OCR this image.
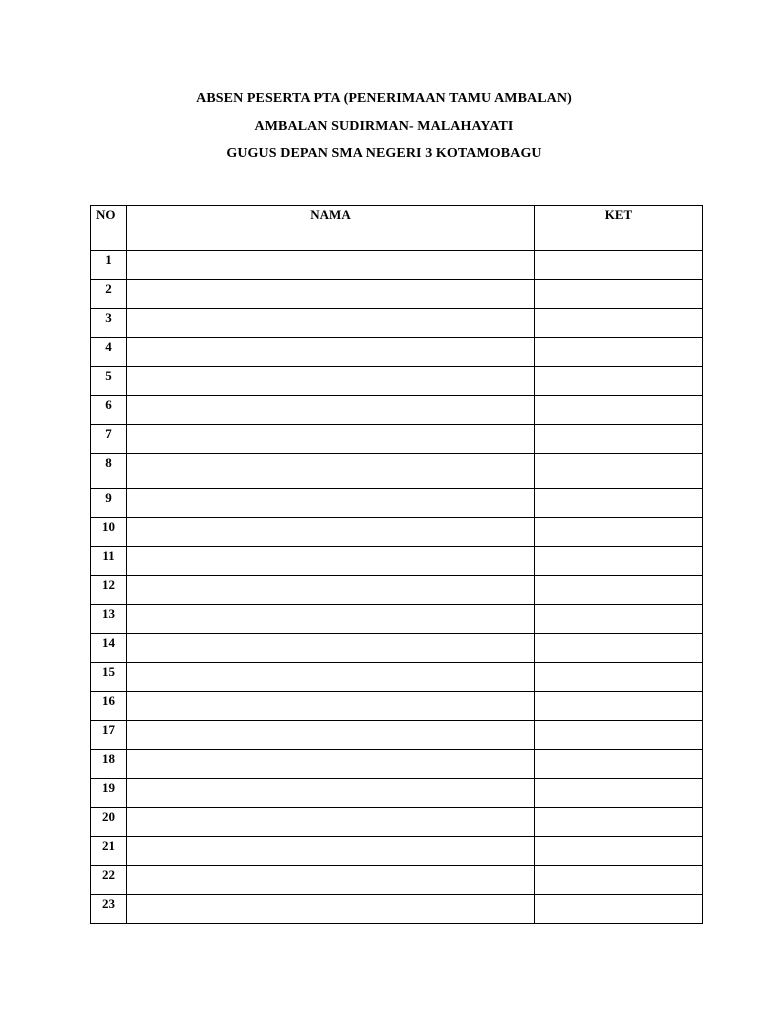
ABSEN PESERTA PTA (PENERIMAAN TAMU AMBALAN)
AMBALAN SUDIRMAN- MALAHAYATI
GUGUS DEPAN SMA NEGERI 3 KOTAMOBAGU
NO	NAMA	KET
1		
2		
3		
4		
5		
6		
7		
8		
9		
10		
11		
12		
13		
14		
15		
16		
17		
18		
19		
20		
21		
22		
23		
